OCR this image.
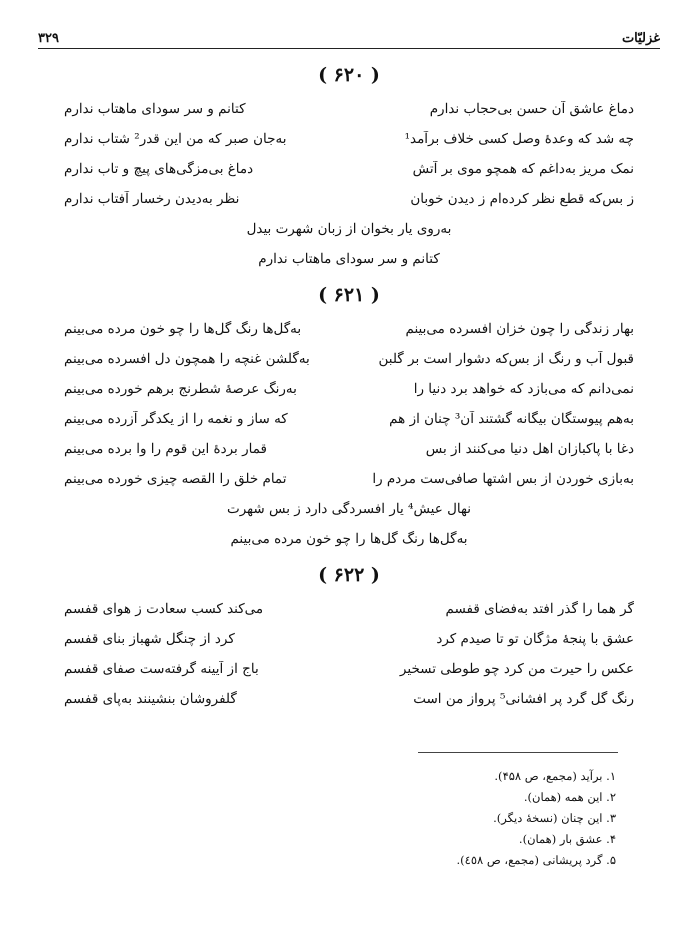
۳۲۹	غزلیّات
( ۶۲۰ )
دماغ عاشق آن حسن بی‌حجاب ندارم
کتانم و سر سودای ماهتاب ندارم
چه شد که وعدهٔ وصل کسی خلاف برآمد¹
به‌جان صبر که من این قدر² شتاب ندارم
نمک مریز به‌داغم که همچو موی بر آتش
دماغ بی‌مزگی‌های پیچ و تاب ندارم
ز بس‌که قطع نظر کرده‌ام ز دیدن خوبان
نظر به‌دیدن رخسار آفتاب ندارم
به‌روی یار بخوان از زبان شهرت بیدل
کتانم و سر سودای ماهتاب ندارم
( ۶۲۱ )
بهار زندگی را چون خزان افسرده می‌بینم
به‌گل‌ها رنگ گل‌ها را چو خون مرده می‌بینم
قبول آب و رنگ از بس‌که دشوار است بر گلبن
به‌گلشن غنچه را همچون دل افسرده می‌بینم
نمی‌دانم که می‌بازد که خواهد برد دنیا را
به‌رنگ عرصهٔ شطرنج برهم خورده می‌بینم
به‌هم پیوستگان بیگانه گشتند آن³ چنان از هم
که ساز و نغمه را از یکدگر آزرده می‌بینم
دغا با پاکبازان اهل دنیا می‌کنند از بس
قمار بردهٔ این قوم را وا برده می‌بینم
به‌بازی خوردن از بس اشتها صافی‌ست مردم را
تمام خلق را القصه چیزی خورده می‌بینم
نهال عیش⁴ یار افسردگی دارد ز بس شهرت
به‌گل‌ها رنگ گل‌ها را چو خون مرده می‌بینم
( ۶۲۲ )
گر هما را گذر افتد به‌فضای قفسم
می‌کند کسب سعادت ز هوای قفسم
عشق با پنجهٔ مژگان تو تا صیدم کرد
کرد از چنگل شهباز بنای قفسم
عکس را حیرت من کرد چو طوطی تسخیر
باج از آیینه گرفته‌ست صفای قفسم
رنگ گل گرد پر افشانی⁵ پرواز من است
گلفروشان بنشینند به‌پای قفسم
۱. برآید (مجمع، ص ۴۵۸).
۲. این همه (همان).
۳. این چنان (نسخهٔ دیگر).
۴. عشق بار (همان).
۵. گرد پریشانی (مجمع، ص ٤٥٨).
